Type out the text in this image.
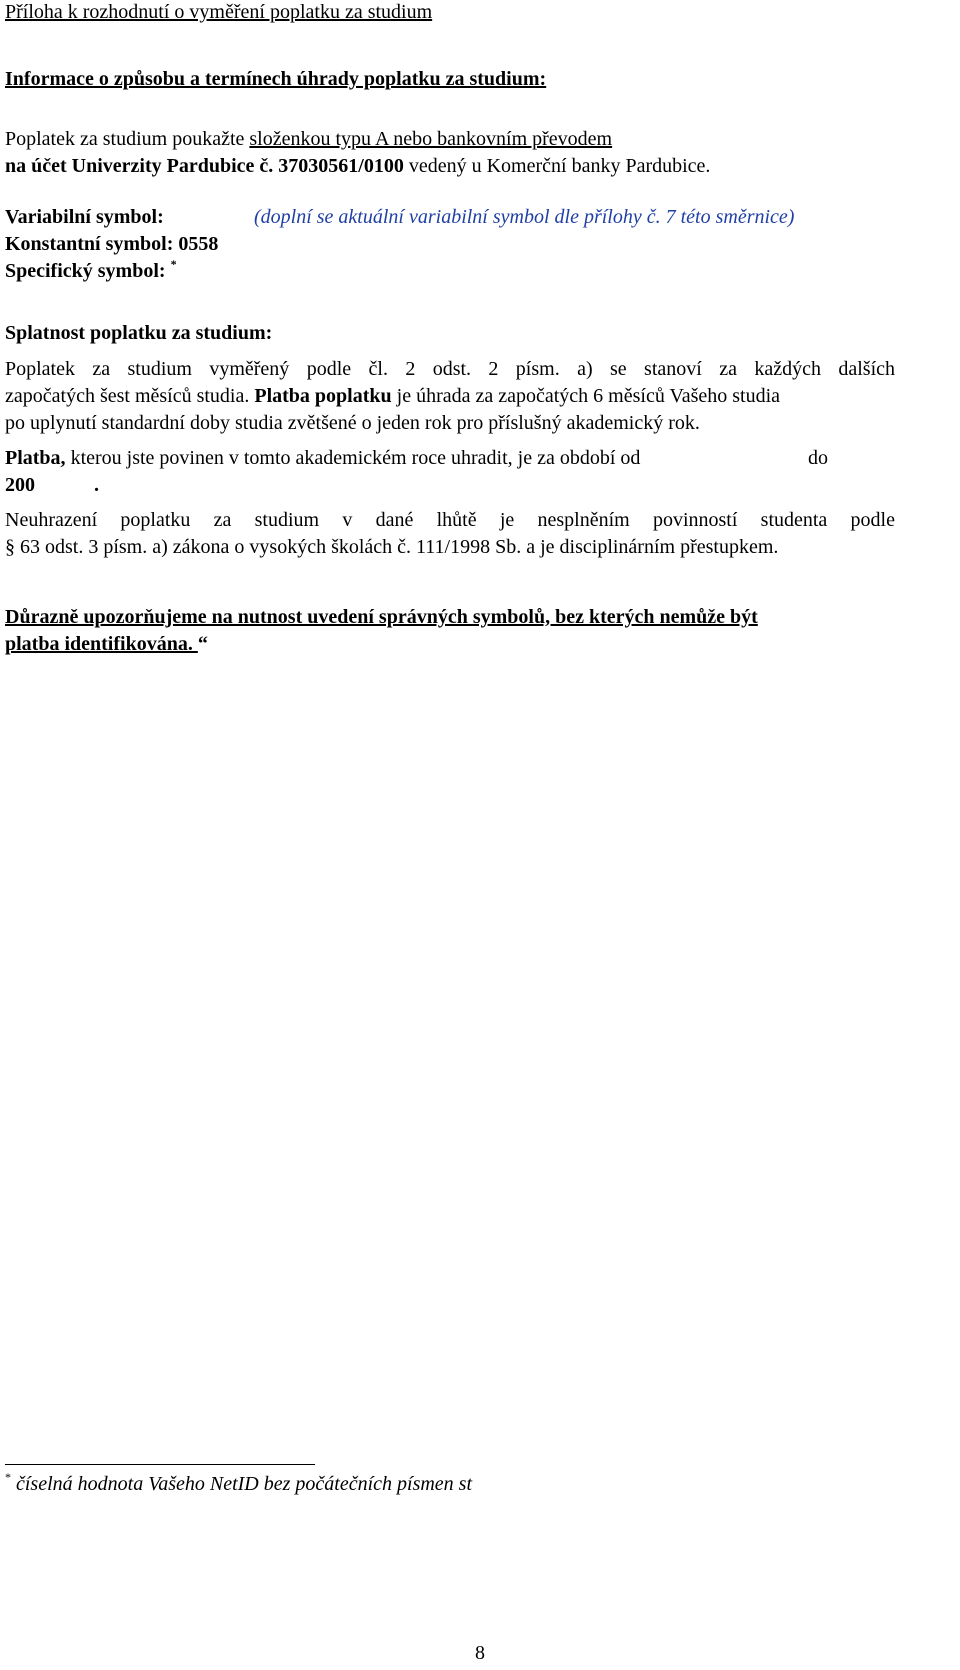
Příloha k rozhodnutí o vyměření poplatku za studium
Informace o způsobu a termínech úhrady poplatku za studium:
Poplatek za studium poukažte složenkou typu A nebo bankovním převodem
na účet Univerzity Pardubice č. 37030561/0100 vedený u Komerční banky Pardubice.
Variabilní symbol:	(doplní se aktuální variabilní symbol dle přílohy č. 7 této směrnice)
Konstantní symbol: 0558
Specifický symbol: *
Splatnost poplatku za studium:
Poplatek za studium vyměřený podle čl. 2 odst. 2 písm. a) se stanoví za každých dalších
započatých šest měsíců studia. Platba poplatku je úhrada za započatých 6 měsíců Vašeho studia
po uplynutí standardní doby studia zvětšené o jeden rok pro příslušný akademický rok.
Platba, kterou jste povinen v tomto akademickém roce uhradit, je za období od	do
200	.
Neuhrazení poplatku za studium v dané lhůtě je nesplněním povinností studenta podle
§ 63 odst. 3 písm. a) zákona o vysokých školách č. 111/1998 Sb. a je disciplinárním přestupkem.
Důrazně upozorňujeme na nutnost uvedení správných symbolů, bez kterých nemůže být
platba identifikována. “
* číselná hodnota Vašeho NetID bez počátečních písmen st
8
